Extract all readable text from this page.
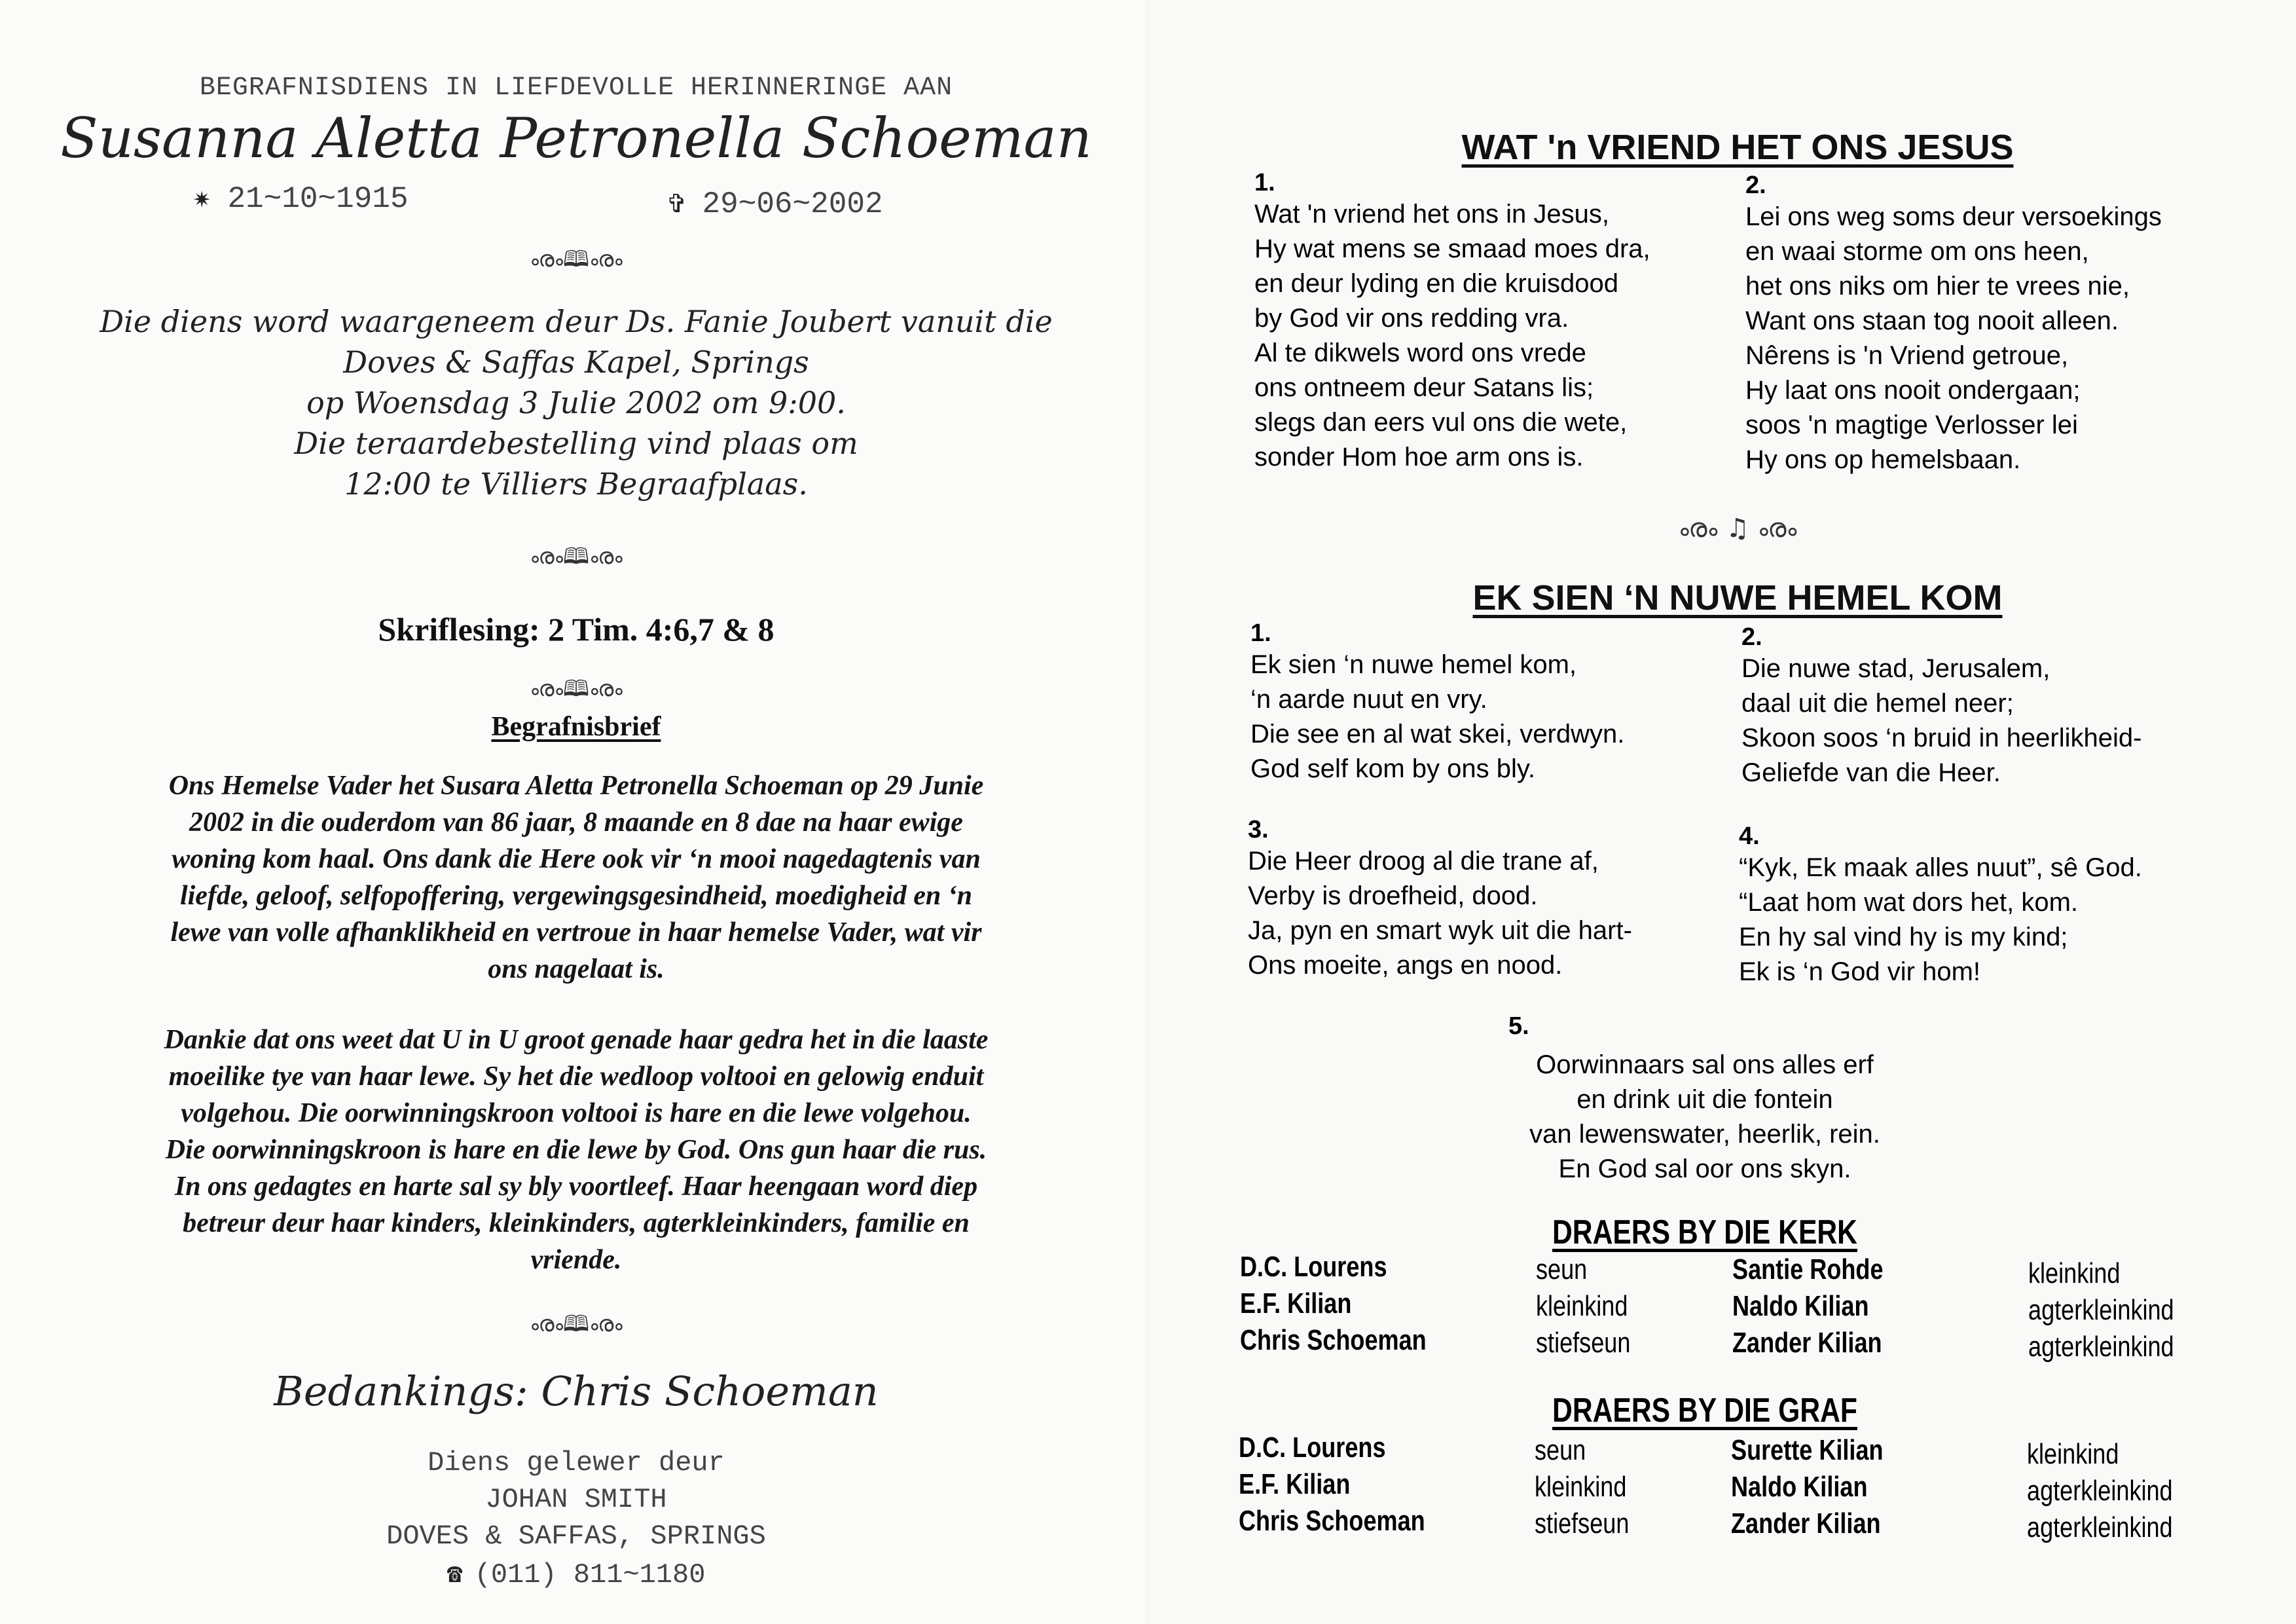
BEGRAFNISDIENS IN LIEFDEVOLLE HERINNERINGE AAN
Susanna Aletta Petronella Schoeman
✷ 21~10~1915	✞ 29~06~2002
ൟ🕮ൟ
Die diens word waargeneem deur Ds. Fanie Joubert vanuit die
Doves & Saffas Kapel, Springs
op Woensdag 3 Julie 2002 om 9:00.
Die teraardebestelling vind plaas om
12:00 te Villiers Begraafplaas.
ൟ🕮ൟ
Skriflesing: 2 Tim. 4:6,7 & 8
ൟ🕮ൟ
Begrafnisbrief
Ons Hemelse Vader het Susara Aletta Petronella Schoeman op 29 Junie
2002 in die ouderdom van 86 jaar, 8 maande en 8 dae na haar ewige
woning kom haal. Ons dank die Here ook vir ‘n mooi nagedagtenis van
liefde, geloof, selfopoffering, vergewingsgesindheid, moedigheid en ‘n
lewe van volle afhanklikheid en vertroue in haar hemelse Vader, wat vir
ons nagelaat is.
Dankie dat ons weet dat U in U groot genade haar gedra het in die laaste
moeilike tye van haar lewe. Sy het die wedloop voltooi en gelowig enduit
volgehou. Die oorwinningskroon voltooi is hare en die lewe volgehou.
Die oorwinningskroon is hare en die lewe by God. Ons gun haar die rus.
In ons gedagtes en harte sal sy bly voortleef. Haar heengaan word diep
betreur deur haar kinders, kleinkinders, agterkleinkinders, familie en
vriende.
ൟ🕮ൟ
Bedankings: Chris Schoeman
Diens gelewer deur
JOHAN SMITH
DOVES & SAFFAS, SPRINGS
☎ (011) 811~1180
WAT 'n VRIEND HET ONS JESUS
1.
Wat 'n vriend het ons in Jesus,
Hy wat mens se smaad moes dra,
en deur lyding en die kruisdood
by God vir ons redding vra.
Al te dikwels word ons vrede
ons ontneem deur Satans lis;
slegs dan eers vul ons die wete,
sonder Hom hoe arm ons is.
2.
Lei ons weg soms deur versoekings
en waai storme om ons heen,
het ons niks om hier te vrees nie,
Want ons staan tog nooit alleen.
Nêrens is 'n Vriend getroue,
Hy laat ons nooit ondergaan;
soos 'n magtige Verlosser lei
Hy ons op hemelsbaan.
ൟ ♫ ൟ
EK SIEN ‘N NUWE HEMEL KOM
1.
Ek sien ‘n nuwe hemel kom,
‘n aarde nuut en vry.
Die see en al wat skei, verdwyn.
God self kom by ons bly.
2.
Die nuwe stad, Jerusalem,
daal uit die hemel neer;
Skoon soos ‘n bruid in heerlikheid-
Geliefde van die Heer.
3.
Die Heer droog al die trane af,
Verby is droefheid, dood.
Ja, pyn en smart wyk uit die hart-
Ons moeite, angs en nood.
4.
“Kyk, Ek maak alles nuut”, sê God.
“Laat hom wat dors het, kom.
En hy sal vind hy is my kind;
Ek is ‘n God vir hom!
5.
Oorwinnaars sal ons alles erf
en drink uit die fontein
van lewenswater, heerlik, rein.
En God sal oor ons skyn.
DRAERS BY DIE KERK
D.C. Lourens	seun	Santie Rohde	kleinkind
E.F. Kilian	kleinkind	Naldo Kilian	agterkleinkind
Chris Schoeman	stiefseun	Zander Kilian	agterkleinkind
DRAERS BY DIE GRAF
D.C. Lourens	seun	Surette Kilian	kleinkind
E.F. Kilian	kleinkind	Naldo Kilian	agterkleinkind
Chris Schoeman	stiefseun	Zander Kilian	agterkleinkind
